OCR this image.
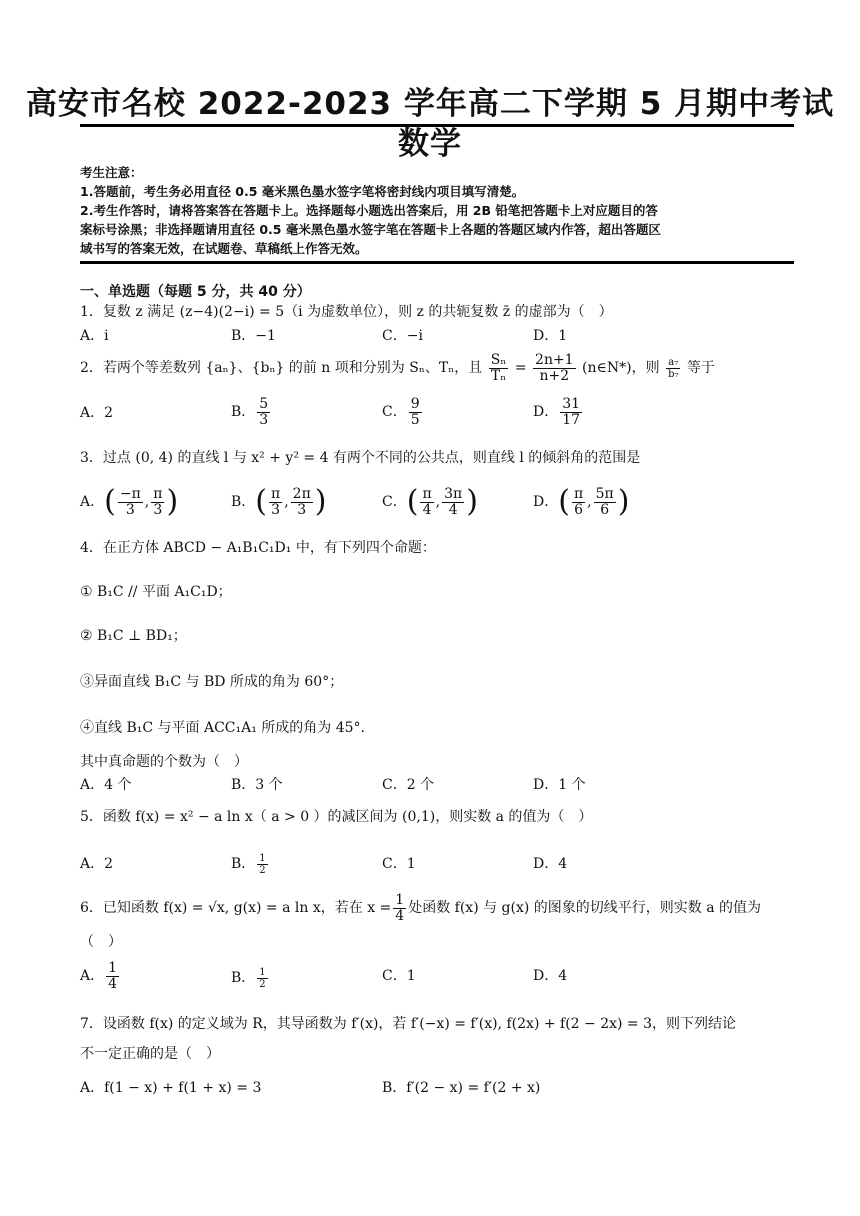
高安市名校 2022-2023 学年高二下学期 5 月期中考试
数学

考生注意：

1.答题前，考生务必用直径 0.5 毫米黑色墨水签字笔将密封线内项目填写清楚。

2.考生作答时，请将答案答在答题卡上。选择题每小题选出答案后，用 2B 铅笔把答题卡上对应题目的答

案标号涂黑；非选择题请用直径 0.5 毫米黑色墨水签字笔在答题卡上各题的答题区域内作答，超出答题区

域书写的答案无效，在试题卷、草稿纸上作答无效。

一、单选题（每题 5 分，共 40 分）
1．复数 z 满足 (z−4)(2−i) = 5（i 为虚数单位），则 z 的共轭复数 z̄ 的虚部为（　）
A．i	B．−1	C．−i	D．1
2．若两个等差数列 {aₙ}、{bₙ} 的前 n 项和分别为 Sₙ、Tₙ，且 $\frac{\text{Sₙ}}{\text{Tₙ}} = \frac{2n+1}{n+2}$ (n∈N*)，则 $\frac{\text{a₇}}{\text{b₇}}$ 等于
A．2	B． $\frac{5}{3}$	C． $\frac{9}{5}$	D． $\frac{31}{17}$
3．过点 (0, 4) 的直线 l 与 x² + y² = 4 有两个不同的公共点，则直线 l 的倾斜角的范围是
A．( $\frac{-\pi}{3}$ , $\frac{\pi}{3}$ )	B．( $\frac{\pi}{3}$ , $\frac{2\pi}{3}$ )	C．( $\frac{\pi}{4}$ , $\frac{3\pi}{4}$ )	D．( $\frac{\pi}{6}$ , $\frac{5\pi}{6}$ )
4．在正方体 ABCD − A₁B₁C₁D₁ 中，有下列四个命题：
① B₁C // 平面 A₁C₁D；
② B₁C ⊥ BD₁；
③异面直线 B₁C 与 BD 所成的角为 60°；
④直线 B₁C 与平面 ACC₁A₁ 所成的角为 45°.
其中真命题的个数为（　）
A．4 个	B．3 个	C．2 个	D．1 个
5．函数 f(x) = x² − a ln x（ a > 0 ）的减区间为 (0,1)，则实数 a 的值为（　）
A．2	B． $\frac{1}{2}$	C．1	D．4
6．已知函数 f(x) = √x, g(x) = a ln x，若在 $x = \frac{1}{4}$ 处函数 f(x) 与 g(x) 的图象的切线平行，则实数 a 的值为
（　）
A． $\frac{1}{4}$	B． $\frac{1}{2}$	C．1	D．4
7．设函数 f(x) 的定义域为 R，其导函数为 f′(x)，若 f′(−x) = f′(x), f(2x) + f(2 − 2x) = 3，则下列结论
不一定正确的是（　）
A．f(1 − x) + f(1 + x) = 3	B．f′(2 − x) = f′(2 + x)
